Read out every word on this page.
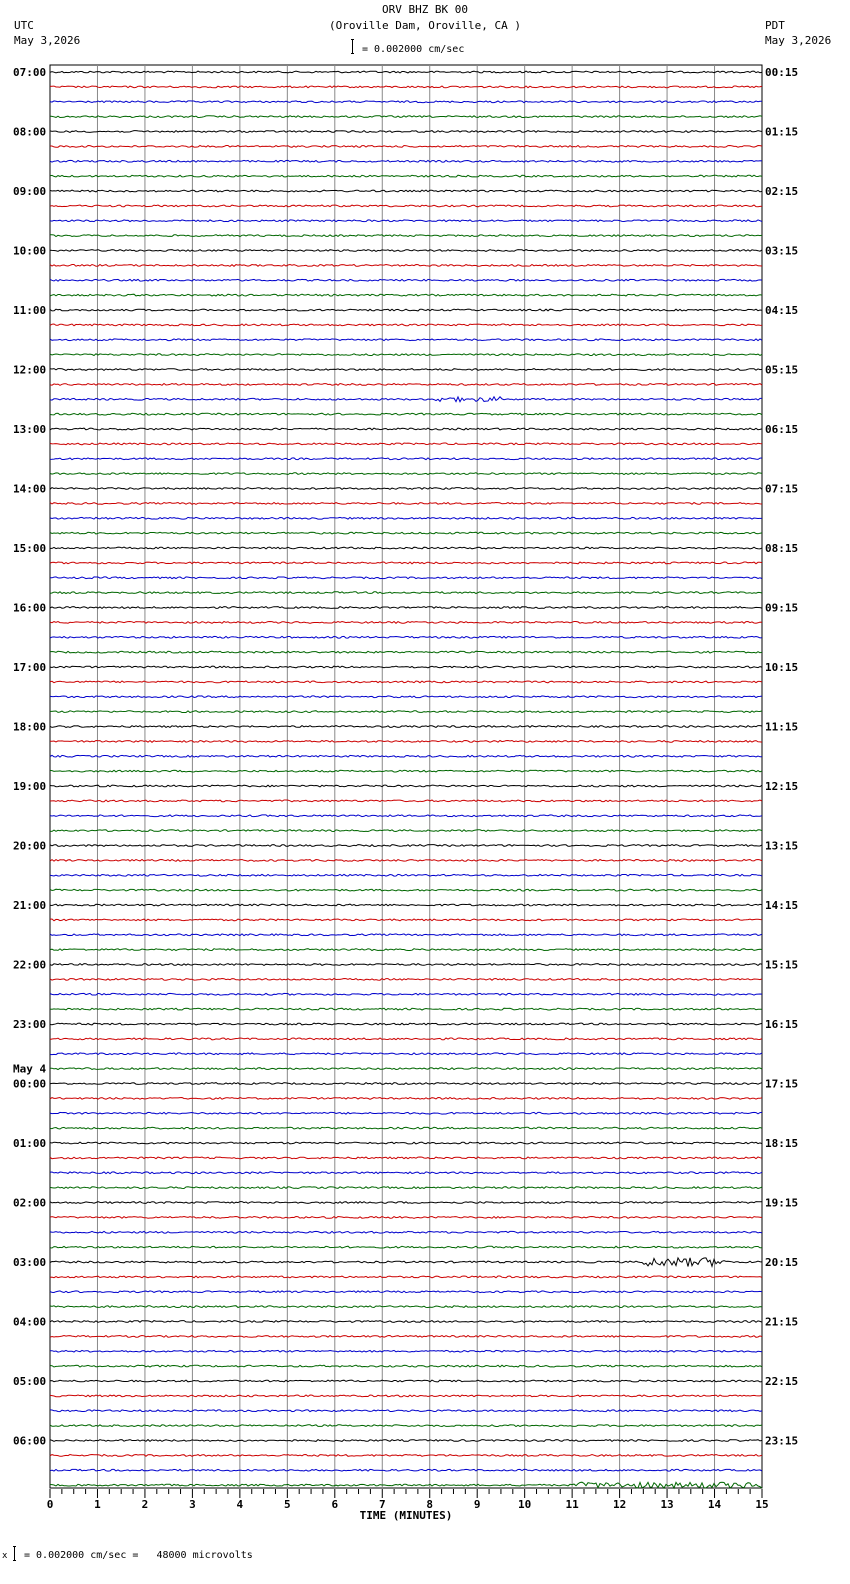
ORV BHZ BK 00
(Oroville Dam, Oroville, CA )
UTC
May 3,2026
PDT
May 3,2026
= 0.002000 cm/sec
07:00
08:00
09:00
10:00
11:00
12:00
13:00
14:00
15:00
16:00
17:00
18:00
19:00
20:00
21:00
22:00
23:00
00:00
01:00
02:00
03:00
04:00
05:00
06:00
00:15
01:15
02:15
03:15
04:15
05:15
06:15
07:15
08:15
09:15
10:15
11:15
12:15
13:15
14:15
15:15
16:15
17:15
18:15
19:15
20:15
21:15
22:15
23:15
May 4
0	1	2	3	4	5	6	7	8	9	10	11	12	13	14	15
TIME (MINUTES)
x = 0.002000 cm/sec =   48000 microvolts
